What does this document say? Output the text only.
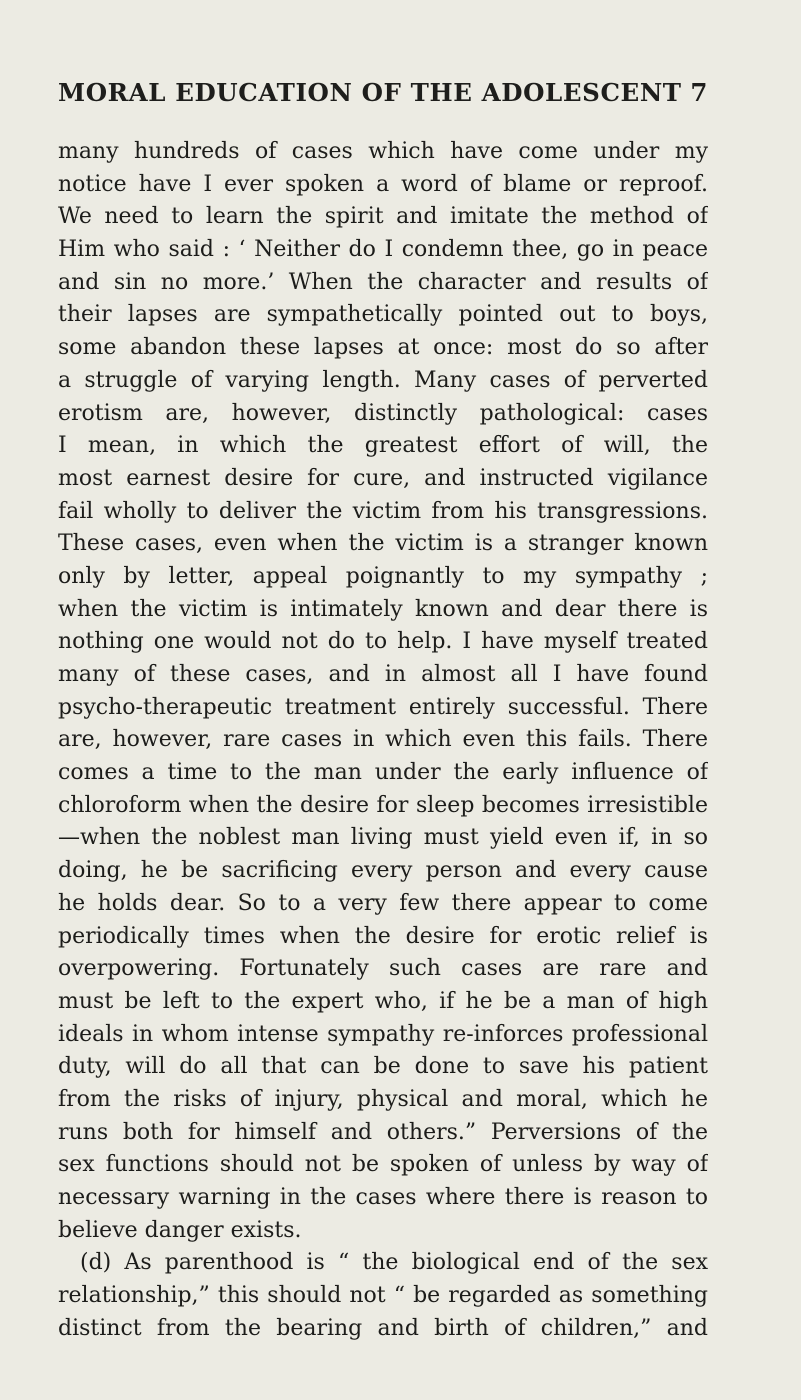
MORAL EDUCATION OF THE ADOLESCENT 7
many hundreds of cases which have come under my
notice have I ever spoken a word of blame or reproof.
We need to learn the spirit and imitate the method of
Him who said : ‘ Neither do I condemn thee, go in peace
and sin no more.’ When the character and results of
their lapses are sympathetically pointed out to boys,
some abandon these lapses at once: most do so after
a struggle of varying length. Many cases of perverted
erotism are, however, distinctly pathological: cases
I mean, in which the greatest effort of will, the
most earnest desire for cure, and instructed vigilance
fail wholly to deliver the victim from his transgressions.
These cases, even when the victim is a stranger known
only by letter, appeal poignantly to my sympathy ;
when the victim is intimately known and dear there is
nothing one would not do to help. I have myself treated
many of these cases, and in almost all I have found
psycho-therapeutic treatment entirely successful. There
are, however, rare cases in which even this fails. There
comes a time to the man under the early influence of
chloroform when the desire for sleep becomes irresistible
—when the noblest man living must yield even if, in so
doing, he be sacrificing every person and every cause
he holds dear. So to a very few there appear to come
periodically times when the desire for erotic relief is
overpowering. Fortunately such cases are rare and
must be left to the expert who, if he be a man of high
ideals in whom intense sympathy re-inforces professional
duty, will do all that can be done to save his patient
from the risks of injury, physical and moral, which he
runs both for himself and others.” Perversions of the
sex functions should not be spoken of unless by way of
necessary warning in the cases where there is reason to
believe danger exists.
(d) As parenthood is “ the biological end of the sex
relationship,” this should not “ be regarded as something
distinct from the bearing and birth of children,” and
